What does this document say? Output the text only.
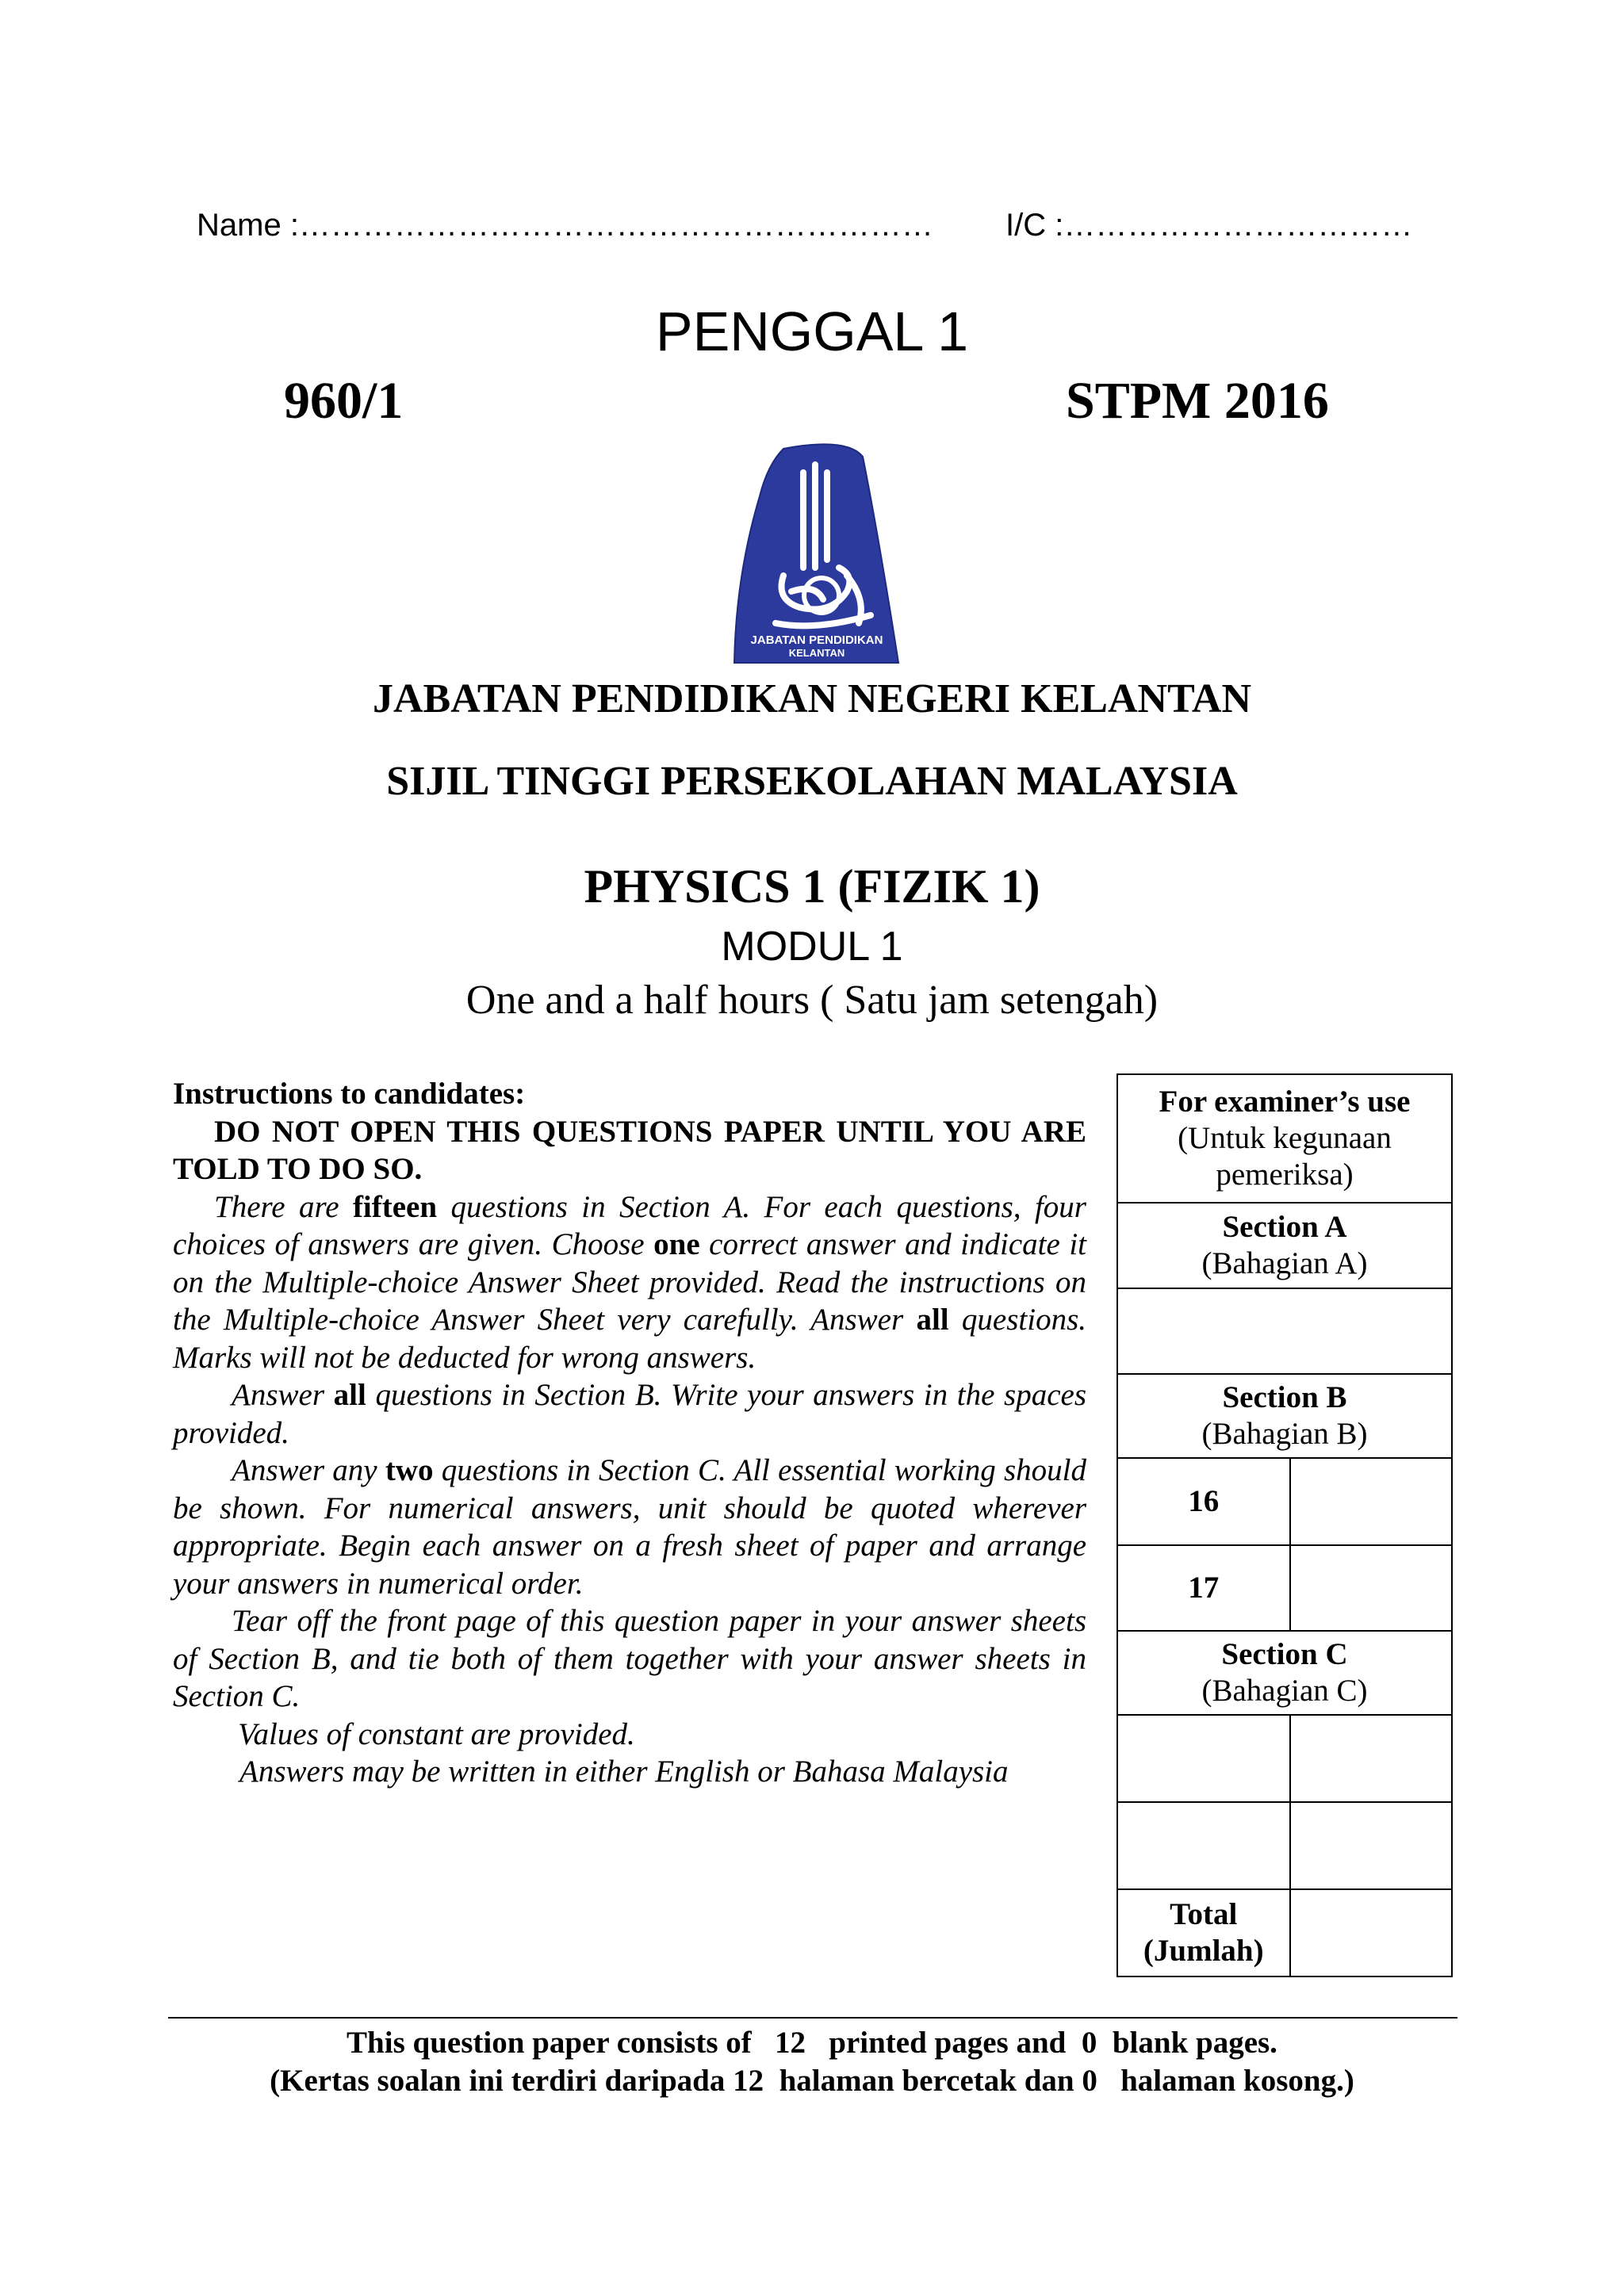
Name :…………………………………………………… I/C :……………………………
PENGGAL 1
960/1	STPM 2016
JABATAN PENDIDIKAN
KELANTAN
JABATAN PENDIDIKAN NEGERI KELANTAN
SIJIL TINGGI PERSEKOLAHAN MALAYSIA
PHYSICS 1 (FIZIK 1)
MODUL 1
One and a half hours ( Satu jam setengah)

Instructions to candidates:

DO NOT OPEN THIS QUESTIONS PAPER UNTIL YOU ARE TOLD TO DO SO.

There are fifteen questions in Section A. For each questions, four choices of answers are given. Choose one correct answer and indicate it on the Multiple-choice Answer Sheet provided. Read the instructions on the Multiple-choice Answer Sheet very carefully. Answer all questions. Marks will not be deducted for wrong answers.

Answer all questions in Section B. Write your answers in the spaces provided.

Answer any two questions in Section C. All essential working should be shown. For numerical answers, unit should be quoted wherever appropriate. Begin each answer on a fresh sheet of paper and arrange your answers in numerical order.

Tear off the front page of this question paper in your answer sheets of Section B, and tie both of them together with your answer sheets in Section C.

Values of constant are provided.

Answers may be written in either English or Bahasa Malaysia

For examiner’s use
(Untuk kegunaan pemeriksa)	

Section A
(Bahagian A)	

Section B
(Bahagian B)	

16	
17	

Section C
(Bahagian C)	

Total
(Jumlah)	

This question paper consists of   12   printed pages and  0  blank pages.
(Kertas soalan ini terdiri daripada 12  halaman bercetak dan 0   halaman kosong.)
